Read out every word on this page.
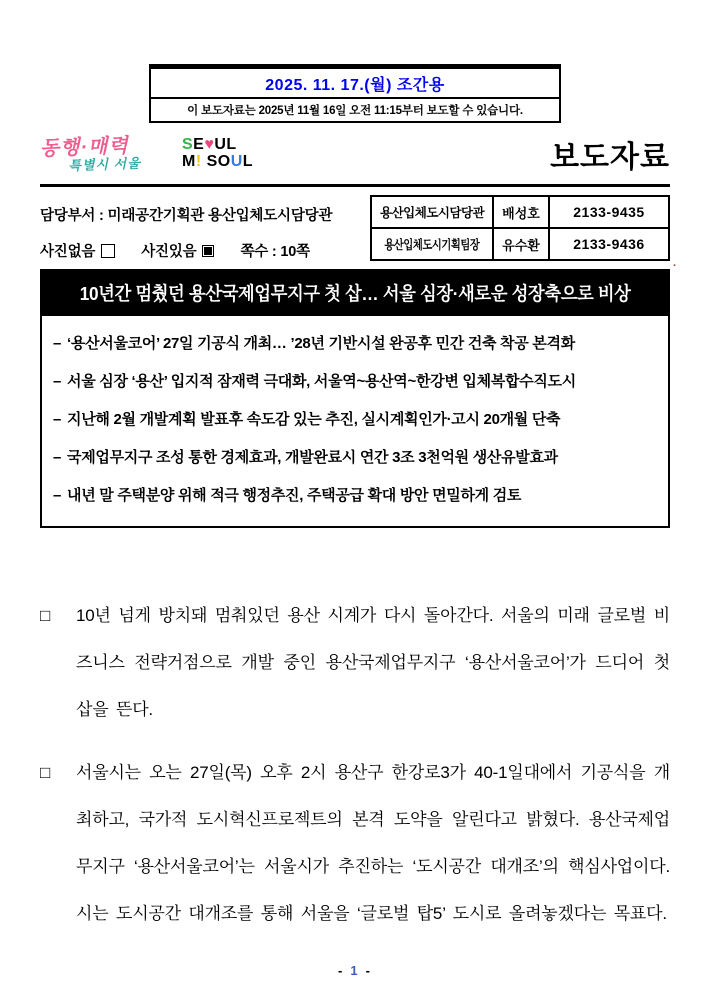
2025. 11. 17.(월) 조간용
이 보도자료는 2025년 11월 16일 오전 11:15부터 보도할 수 있습니다.
동행·매력
특별시 서울
SE♥UL
M! SOUL	보도자료
담당부서 : 미래공간기획관 용산입체도시담당관
사진없음	사진있음	쪽수 : 10쪽
용산입체도시담당관	배성호	2133-9435
용산입체도시기획팀장	유수환	2133-9436
.
10년간 멈췄던 용산국제업무지구 첫 삽… 서울 심장·새로운 성장축으로 비상
– ‘용산서울코어’ 27일 기공식 개최… ’28년 기반시설 완공후 민간 건축 착공 본격화
– 서울 심장 ‘용산’ 입지적 잠재력 극대화, 서울역~용산역~한강변 입체복합수직도시
– 지난해 2월 개발계획 발표후 속도감 있는 추진, 실시계획인가·고시 20개월 단축
– 국제업무지구 조성 통한 경제효과, 개발완료시 연간 3조 3천억원 생산유발효과
– 내년 말 주택분양 위해 적극 행정추진, 주택공급 확대 방안 면밀하게 검토
□ 10년 넘게 방치돼 멈춰있던 용산 시계가 다시 돌아간다. 서울의 미래 글로벌 비즈니스 전략거점으로 개발 중인 용산국제업무지구 ‘용산서울코어’가 드디어 첫 삽을 뜬다.
□ 서울시는 오는 27일(목) 오후 2시 용산구 한강로3가 40-1일대에서 기공식을 개최하고, 국가적 도시혁신프로젝트의 본격 도약을 알린다고 밝혔다. 용산국제업무지구 ‘용산서울코어’는 서울시가 추진하는 ‘도시공간 대개조’의 핵심사업이다. 시는 도시공간 대개조를 통해 서울을 ‘글로벌 탑5’ 도시로 올려놓겠다는 목표다.
- 1 -
